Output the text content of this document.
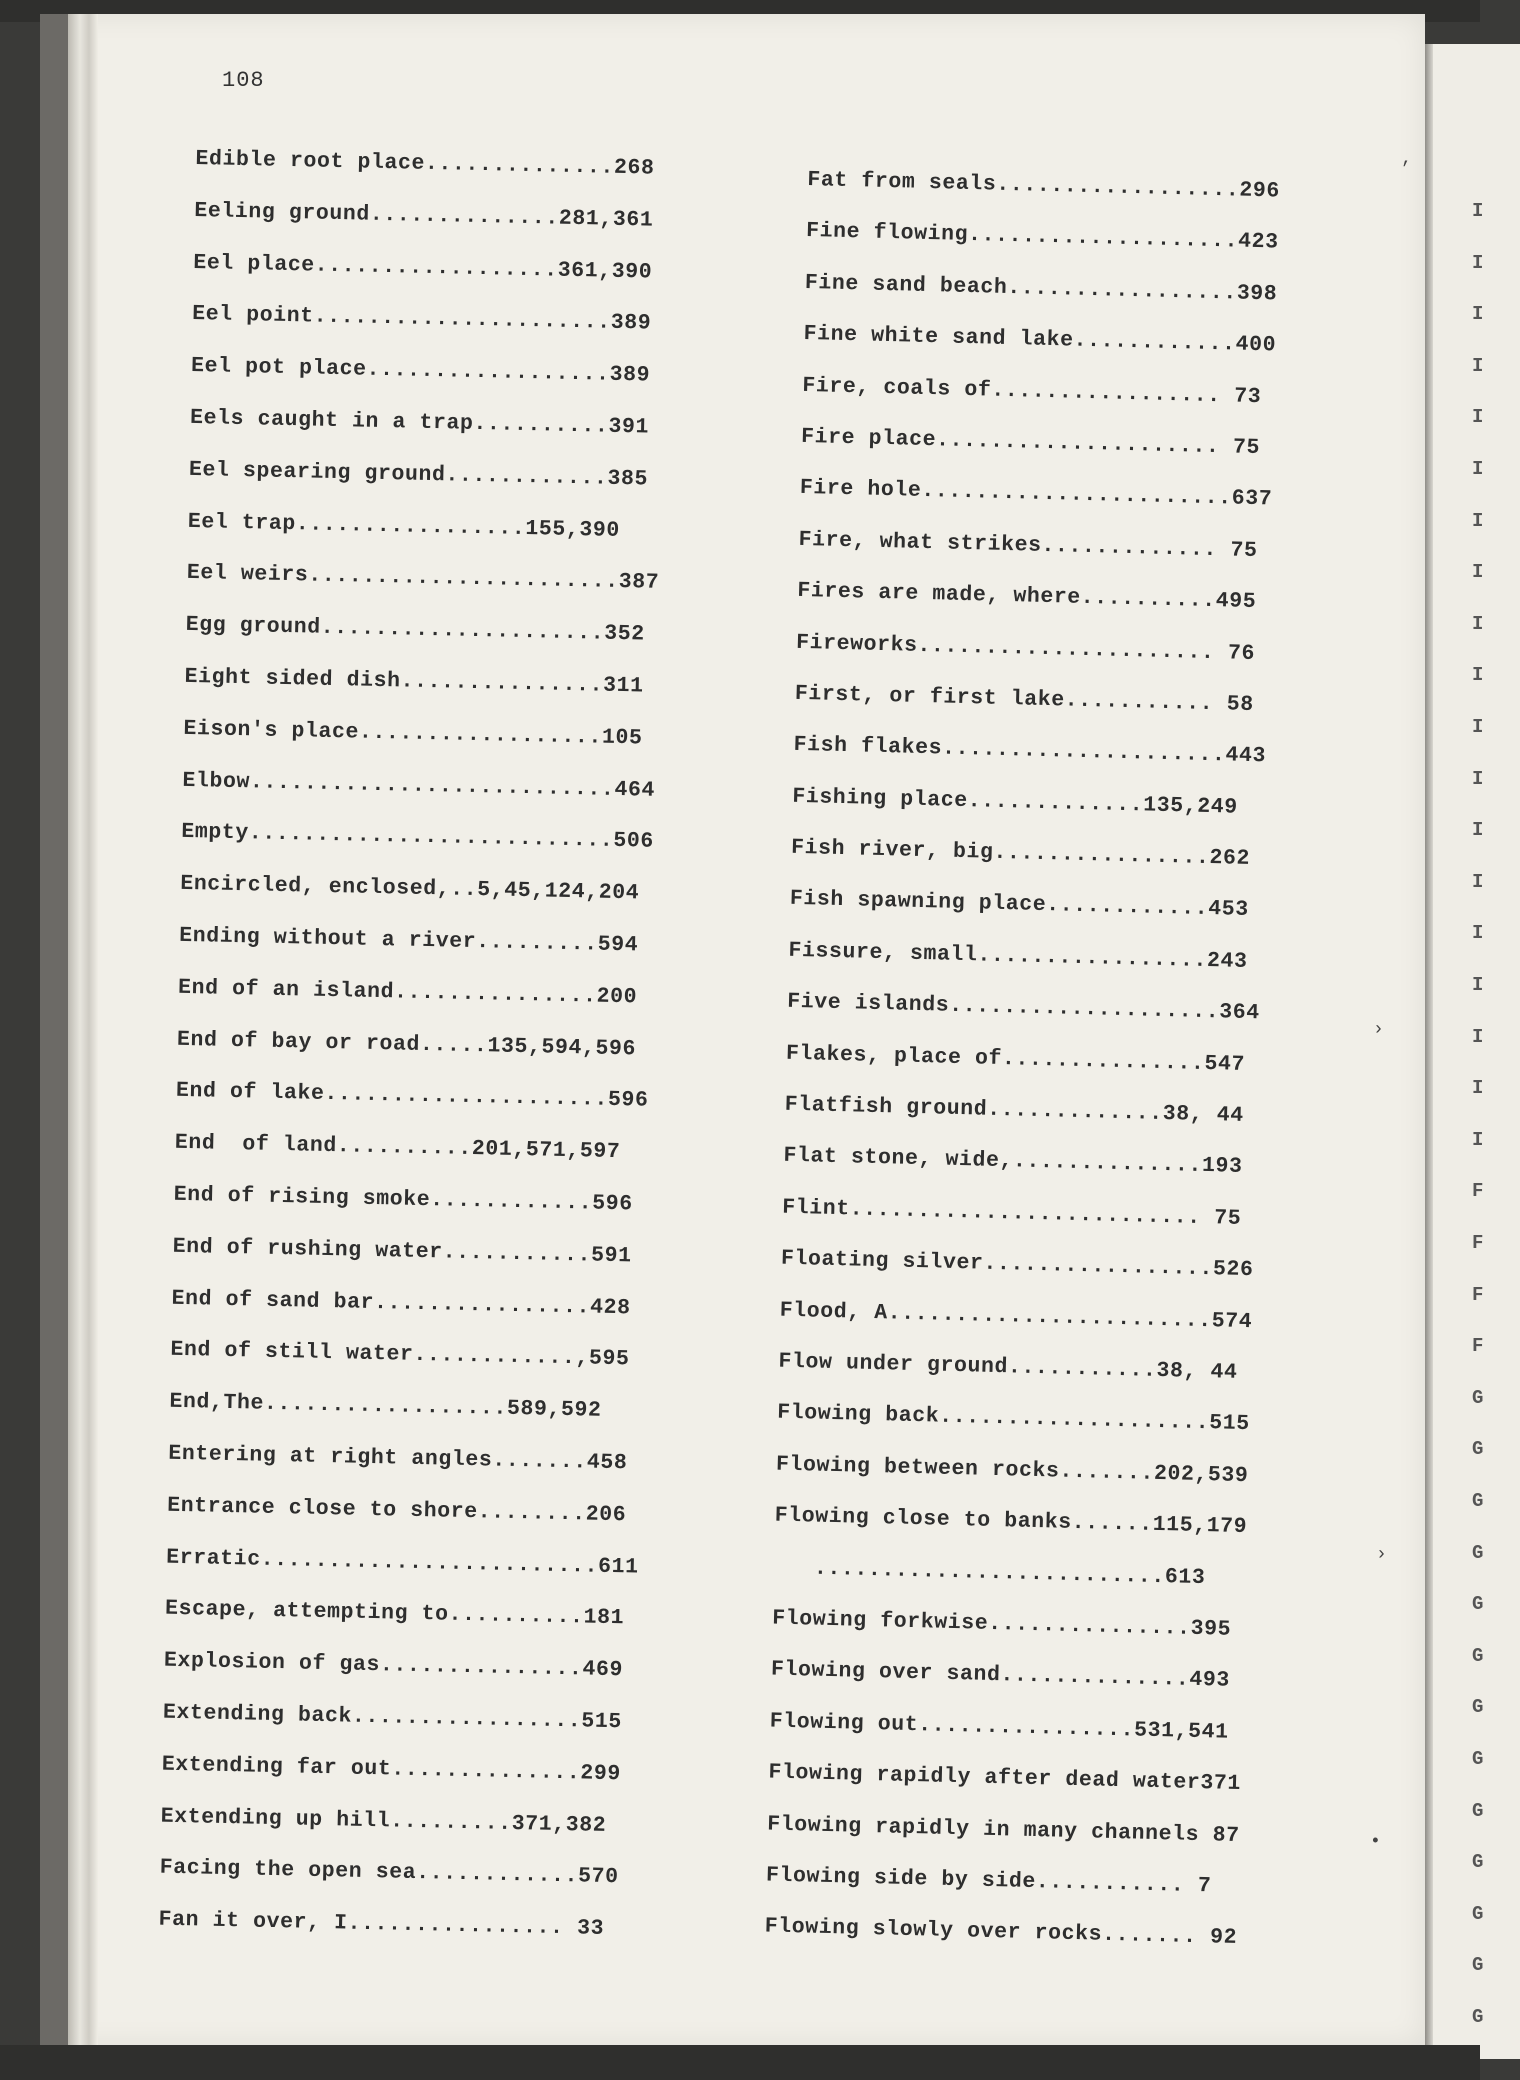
108
Edible root place..............268
Eeling ground..............281,361
Eel place..................361,390
Eel point......................389
Eel pot place..................389
Eels caught in a trap..........391
Eel spearing ground............385
Eel trap.................155,390
Eel weirs.......................387
Egg ground.....................352
Eight sided dish...............311
Eison's place..................105
Elbow...........................464
Empty...........................506
Encircled, enclosed,..5,45,124,204
Ending without a river.........594
End of an island...............200
End of bay or road.....135,594,596
End of lake.....................596
End  of land..........201,571,597
End of rising smoke............596
End of rushing water...........591
End of sand bar................428
End of still water............,595
End,The..................589,592
Entering at right angles.......458
Entrance close to shore........206
Erratic.........................611
Escape, attempting to..........181
Explosion of gas...............469
Extending back.................515
Extending far out..............299
Extending up hill.........371,382
Facing the open sea............570
Fan it over, I................ 33
Fat from seals..................296
Fine flowing....................423
Fine sand beach.................398
Fine white sand lake............400
Fire, coals of................. 73
Fire place..................... 75
Fire hole.......................637
Fire, what strikes............. 75
Fires are made, where..........495
Fireworks...................... 76
First, or first lake........... 58
Fish flakes.....................443
Fishing place.............135,249
Fish river, big................262
Fish spawning place............453
Fissure, small.................243
Five islands....................364
Flakes, place of...............547
Flatfish ground.............38, 44
Flat stone, wide,..............193
Flint.......................... 75
Floating silver.................526
Flood, A........................574
Flow under ground...........38, 44
Flowing back....................515
Flowing between rocks.......202,539
Flowing close to banks......115,179
..........................613
Flowing forkwise...............395
Flowing over sand..............493
Flowing out................531,541
Flowing rapidly after dead water371
Flowing rapidly in many channels 87
Flowing side by side........... 7
Flowing slowly over rocks....... 92
I
I
I
I
I
I
I
I
I
I
I
I
I
I
I
I
I
I
I
F
F
F
F
G
G
G
G
G
G
G
G
G
G
G
G
G
’
›
›
•
